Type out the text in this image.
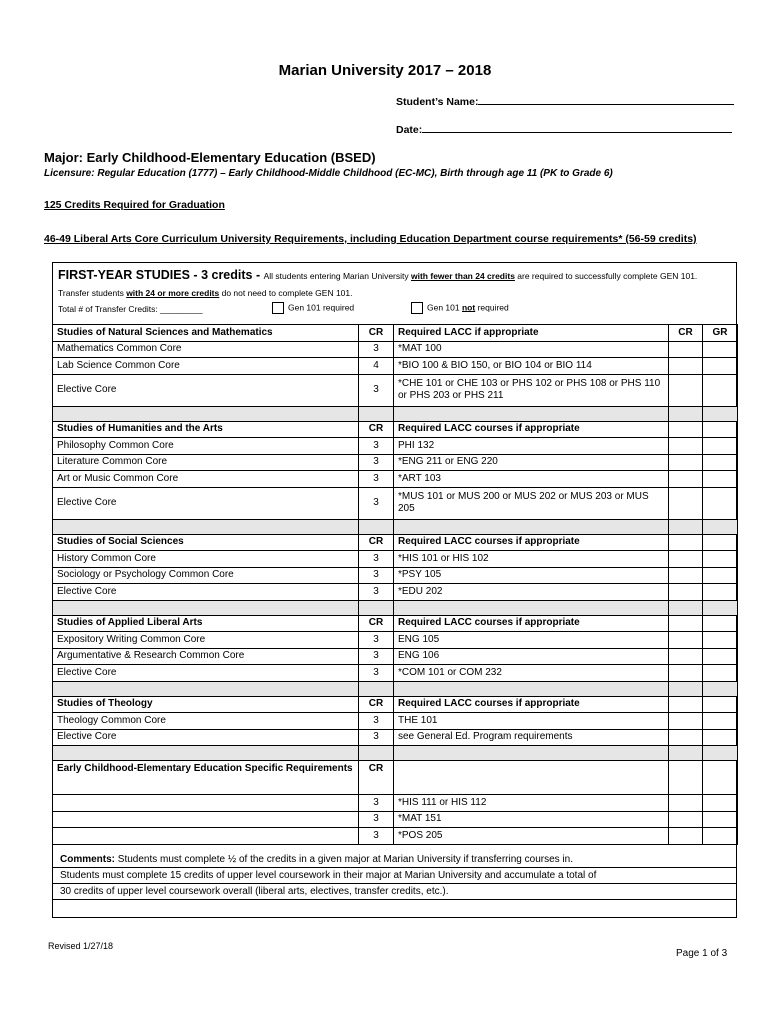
Marian University 2017 – 2018
Student’s Name:
Date:
Major: Early Childhood-Elementary Education (BSED)
Licensure: Regular Education (1777) – Early Childhood-Middle Childhood (EC-MC), Birth through age 11 (PK to Grade 6)
125 Credits Required for Graduation
46-49 Liberal Arts Core Curriculum University Requirements, including Education Department course requirements* (56-59 credits)
FIRST-YEAR STUDIES - 3 credits - All students entering Marian University with fewer than 24 credits are required to successfully complete GEN 101.
Transfer students with 24 or more credits do not need to complete GEN 101.
Total # of Transfer Credits: _________	Gen 101 required	Gen 101 not required
Studies of Natural Sciences and Mathematics	CR	Required LACC if appropriate	CR	GR
Mathematics Common Core	3	*MAT 100		
Lab Science Common Core	4	*BIO 100 & BIO 150, or BIO 104 or BIO 114		
Elective Core	3	*CHE 101 or CHE 103 or PHS 102 or PHS 108 or PHS 110 or PHS 203 or PHS 211		

Studies of Humanities and the Arts	CR	Required LACC courses if appropriate		
Philosophy Common Core	3	PHI 132		
Literature Common Core	3	*ENG 211 or ENG 220		
Art or Music Common Core	3	*ART 103		
Elective Core	3	*MUS 101 or MUS 200 or MUS 202 or MUS 203 or MUS 205		

Studies of Social Sciences	CR	Required LACC courses if appropriate		
History Common Core	3	*HIS 101 or HIS 102		
Sociology or Psychology Common Core	3	*PSY 105		
Elective Core	3	*EDU 202		

Studies of Applied Liberal Arts	CR	Required LACC courses if appropriate		
Expository Writing Common Core	3	ENG 105		
Argumentative & Research Common Core	3	ENG 106		
Elective Core	3	*COM 101 or COM 232		

Studies of Theology	CR	Required LACC courses if appropriate		
Theology Common Core	3	THE 101		
Elective Core	3	see General Ed. Program requirements		

Early Childhood-Elementary Education Specific Requirements	CR			
	3	*HIS 111 or HIS 112		
	3	*MAT 151		
	3	*POS 205		
Comments: Students must complete ½ of the credits in a given major at Marian University if transferring courses in.
Students must complete 15 credits of upper level coursework in their major at Marian University and accumulate a total of
30 credits of upper level coursework overall (liberal arts, electives, transfer credits, etc.).
Revised 1/27/18
Page 1 of 3
